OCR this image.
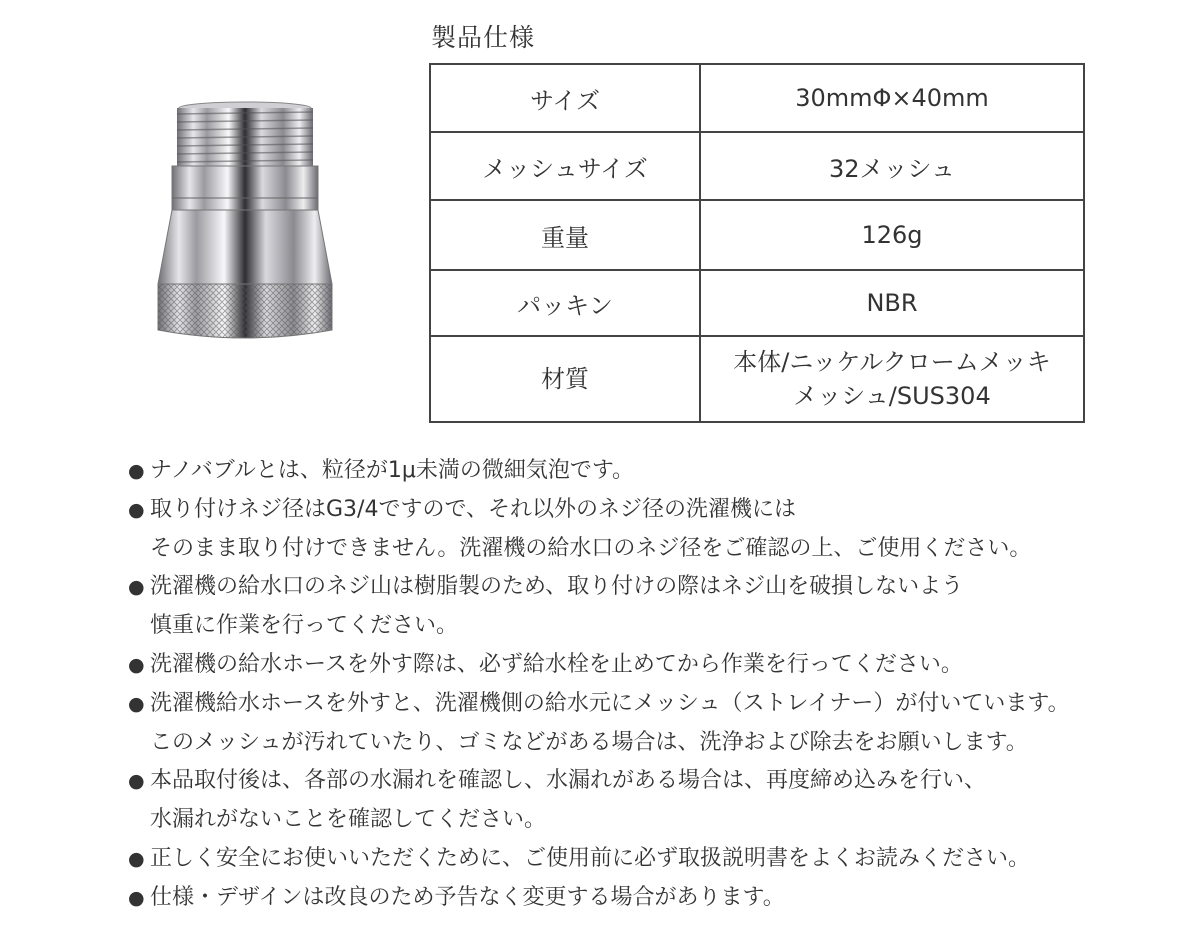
製品仕様
サイズ	30mmΦ×40mm

メッシュサイズ	32メッシュ

重量	126g

パッキン	NBR

材質	本体/ニッケルクロームメッキ
メッシュ/SUS304
● ナノバブルとは、粒径が1μ未満の微細気泡です。
● 取り付けネジ径はG3/4ですので、それ以外のネジ径の洗濯機には
そのまま取り付けできません。洗濯機の給水口のネジ径をご確認の上、ご使用ください。
● 洗濯機の給水口のネジ山は樹脂製のため、取り付けの際はネジ山を破損しないよう
慎重に作業を行ってください。
● 洗濯機の給水ホースを外す際は、必ず給水栓を止めてから作業を行ってください。
● 洗濯機給水ホースを外すと、洗濯機側の給水元にメッシュ（ストレイナー）が付いています。
このメッシュが汚れていたり、ゴミなどがある場合は、洗浄および除去をお願いします。
● 本品取付後は、各部の水漏れを確認し、水漏れがある場合は、再度締め込みを行い、
水漏れがないことを確認してください。
● 正しく安全にお使いいただくために、ご使用前に必ず取扱説明書をよくお読みください。
● 仕様・デザインは改良のため予告なく変更する場合があります。
